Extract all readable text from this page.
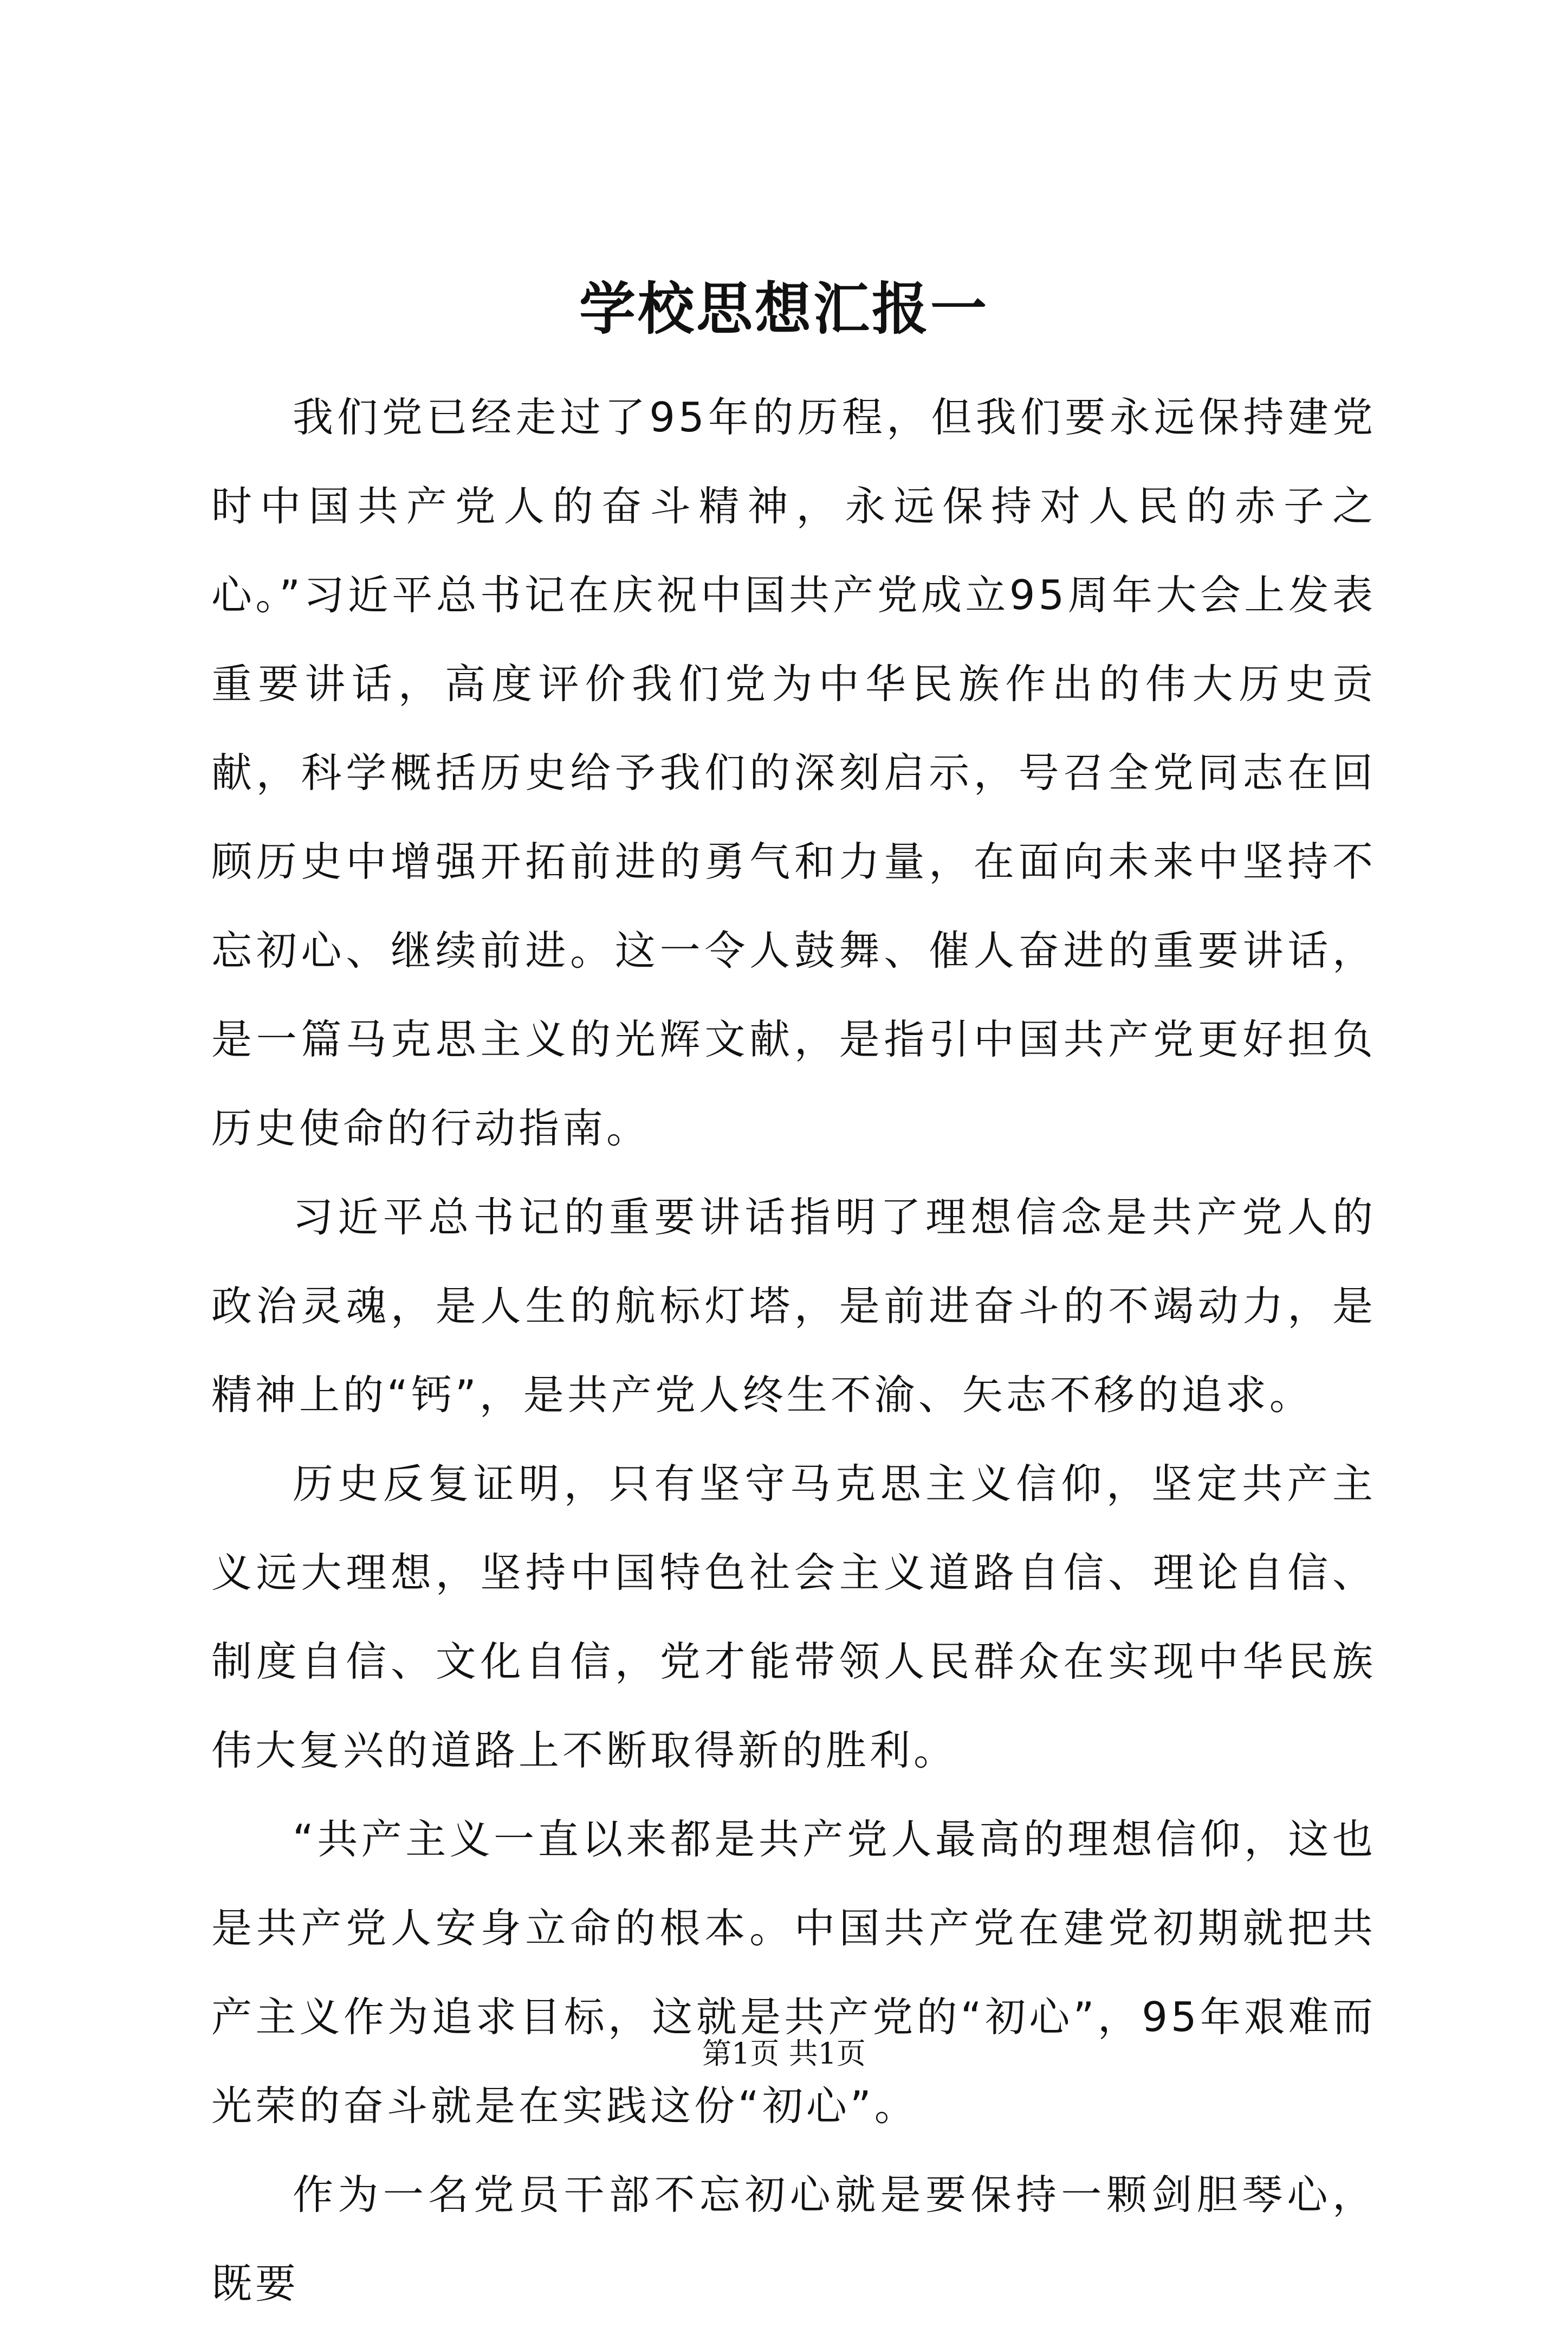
学校思想汇报一

我们党已经走过了95年的历程，但我们要永远保持建党时中国共产党人的奋斗精神，永远保持对人民的赤子之心。”习近平总书记在庆祝中国共产党成立95周年大会上发表重要讲话，高度评价我们党为中华民族作出的伟大历史贡献，科学概括历史给予我们的深刻启示，号召全党同志在回顾历史中增强开拓前进的勇气和力量，在面向未来中坚持不忘初心、继续前进。这一令人鼓舞、催人奋进的重要讲话，是一篇马克思主义的光辉文献，是指引中国共产党更好担负历史使命的行动指南。

习近平总书记的重要讲话指明了理想信念是共产党人的政治灵魂，是人生的航标灯塔，是前进奋斗的不竭动力，是精神上的“钙”，是共产党人终生不渝、矢志不移的追求。

历史反复证明，只有坚守马克思主义信仰，坚定共产主义远大理想，坚持中国特色社会主义道路自信、理论自信、制度自信、文化自信，党才能带领人民群众在实现中华民族伟大复兴的道路上不断取得新的胜利。

“共产主义一直以来都是共产党人最高的理想信仰，这也是共产党人安身立命的根本。中国共产党在建党初期就把共产主义作为追求目标，这就是共产党的“初心”，95年艰难而光荣的奋斗就是在实践这份“初心”。

作为一名党员干部不忘初心就是要保持一颗剑胆琴心，既要

第1页 共1页
